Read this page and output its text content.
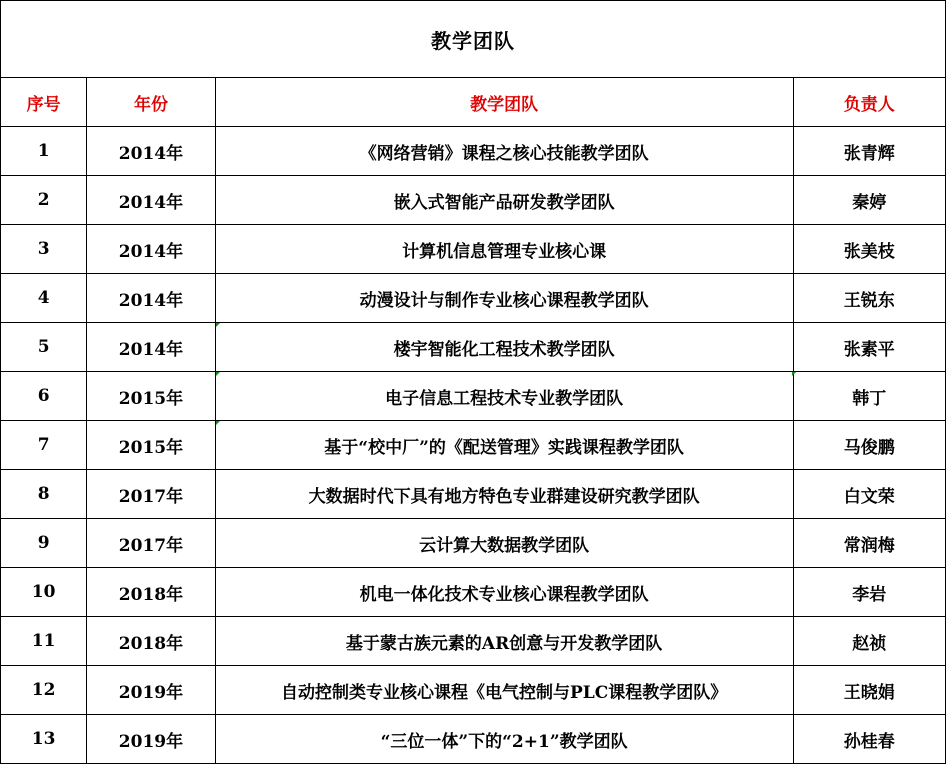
教学团队
序号	年份	教学团队	负责人
1	2014年	《网络营销》课程之核心技能教学团队	张青辉
2	2014年	嵌入式智能产品研发教学团队	秦婷
3	2014年	计算机信息管理专业核心课	张美枝
4	2014年	动漫设计与制作专业核心课程教学团队	王锐东
5	2014年	楼宇智能化工程技术教学团队	张素平
6	2015年	电子信息工程技术专业教学团队	韩丁
7	2015年	基于“校中厂”的《配送管理》实践课程教学团队	马俊鹏
8	2017年	大数据时代下具有地方特色专业群建设研究教学团队	白文荣
9	2017年	云计算大数据教学团队	常润梅
10	2018年	机电一体化技术专业核心课程教学团队	李岩
11	2018年	基于蒙古族元素的AR创意与开发教学团队	赵祯
12	2019年	自动控制类专业核心课程《电气控制与PLC课程教学团队》	王晓娟
13	2019年	“三位一体”下的“2+1”教学团队	孙桂春
